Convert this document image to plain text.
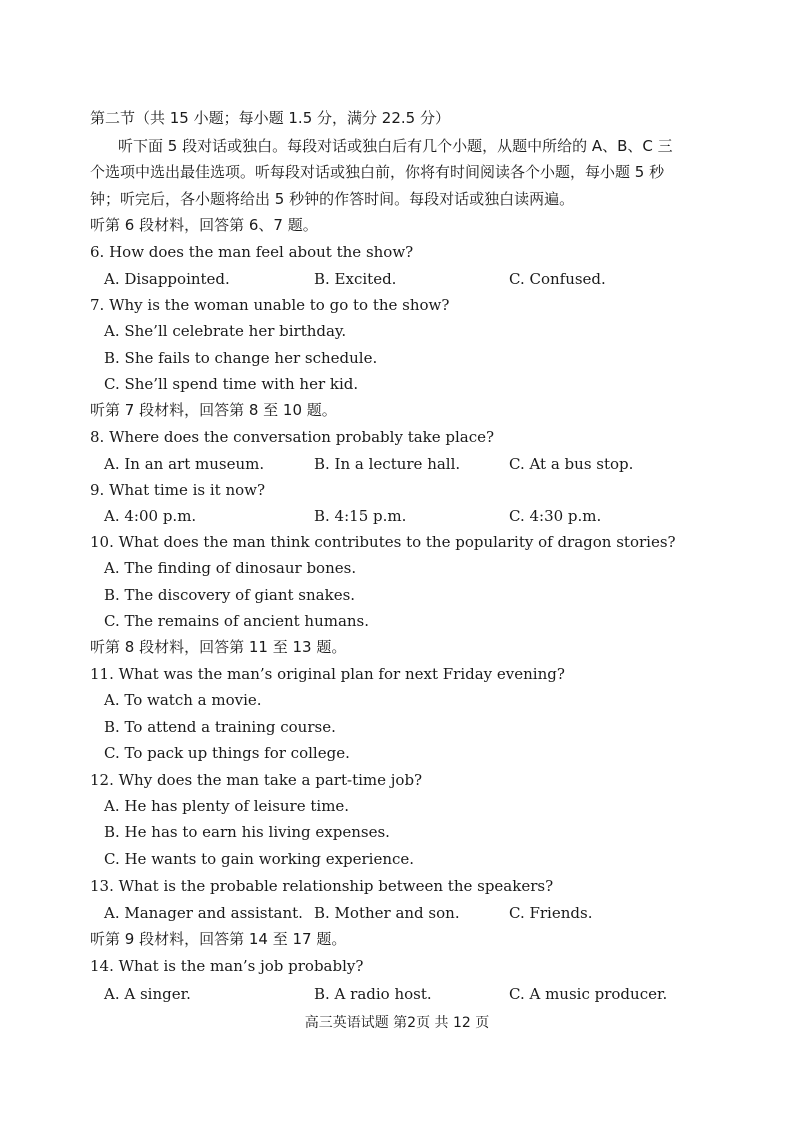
第二节（共 15 小题；每小题 1.5 分，满分 22.5 分）
听下面 5 段对话或独白。每段对话或独白后有几个小题，从题中所给的 A、B、C 三
个选项中选出最佳选项。听每段对话或独白前，你将有时间阅读各个小题，每小题 5 秒
钟；听完后，各小题将给出 5 秒钟的作答时间。每段对话或独白读两遍。
听第 6 段材料，回答第 6、7 题。
6. How does the man feel about the show?
A. Disappointed.	B. Excited.	C. Confused.
7. Why is the woman unable to go to the show?
A. She’ll celebrate her birthday.
B. She fails to change her schedule.
C. She’ll spend time with her kid.
听第 7 段材料，回答第 8 至 10 题。
8. Where does the conversation probably take place?
A. In an art museum.	B. In a lecture hall.	C. At a bus stop.
9. What time is it now?
A. 4:00 p.m.	B. 4:15 p.m.	C. 4:30 p.m.
10. What does the man think contributes to the popularity of dragon stories?
A. The finding of dinosaur bones.
B. The discovery of giant snakes.
C. The remains of ancient humans.
听第 8 段材料，回答第 11 至 13 题。
11. What was the man’s original plan for next Friday evening?
A. To watch a movie.
B. To attend a training course.
C. To pack up things for college.
12. Why does the man take a part-time job?
A. He has plenty of leisure time.
B. He has to earn his living expenses.
C. He wants to gain working experience.
13. What is the probable relationship between the speakers?
A. Manager and assistant. B. Mother and son.	C. Friends.
听第 9 段材料，回答第 14 至 17 题。
14. What is the man’s job probably?
A. A singer.	B. A radio host.	C. A music producer.
高三英语试题 第2页 共 12 页
